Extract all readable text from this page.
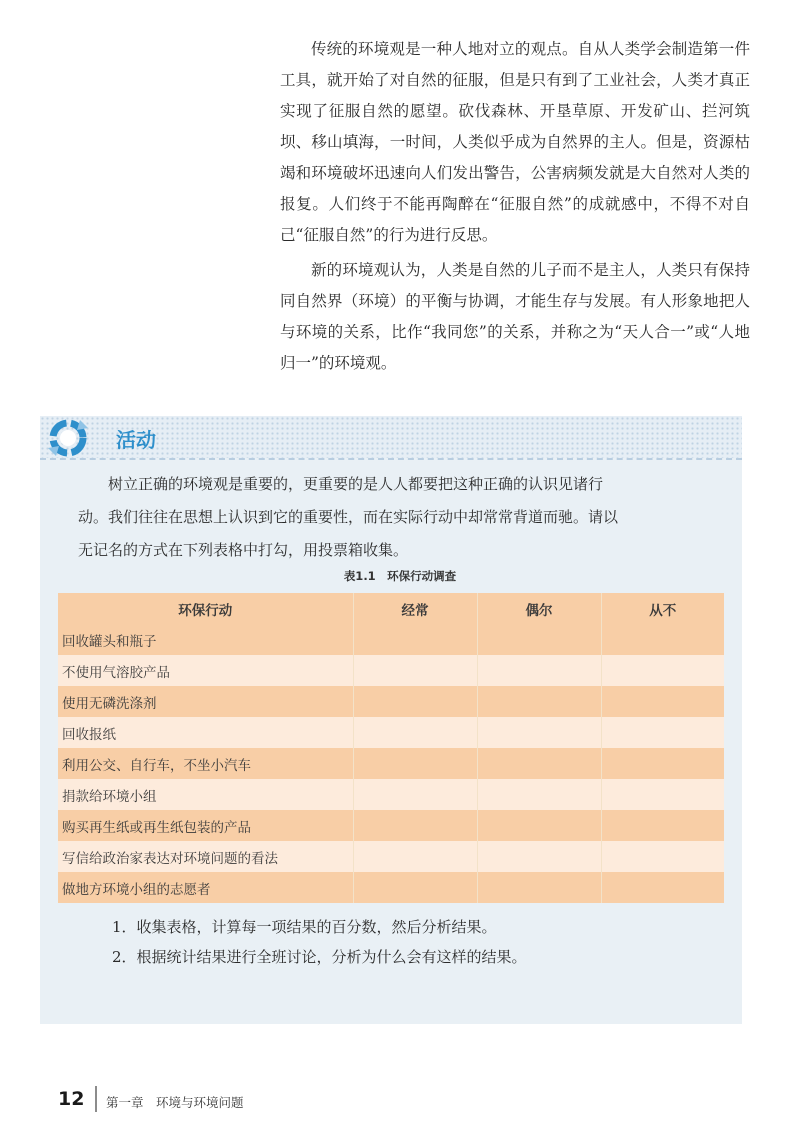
传统的环境观是一种人地对立的观点。自从人类学会制造第一件工具，就开始了对自然的征服，但是只有到了工业社会，人类才真正实现了征服自然的愿望。砍伐森林、开垦草原、开发矿山、拦河筑坝、移山填海，一时间，人类似乎成为自然界的主人。但是，资源枯竭和环境破坏迅速向人们发出警告，公害病频发就是大自然对人类的报复。人们终于不能再陶醉在“征服自然”的成就感中，不得不对自己“征服自然”的行为进行反思。

新的环境观认为，人类是自然的儿子而不是主人，人类只有保持同自然界（环境）的平衡与协调，才能生存与发展。有人形象地把人与环境的关系，比作“我同您”的关系，并称之为“天人合一”或“人地归一”的环境观。

活动
树立正确的环境观是重要的，更重要的是人人都要把这种正确的认识见诸行
动。我们往往在思想上认识到它的重要性，而在实际行动中却常常背道而驰。请以
无记名的方式在下列表格中打勾，用投票箱收集。
表1.1　环保行动调查
环保行动	经常	偶尔	从不
回收罐头和瓶子			
不使用气溶胶产品			
使用无磷洗涤剂			
回收报纸			
利用公交、自行车，不坐小汽车			
捐款给环境小组			
购买再生纸或再生纸包装的产品			
写信给政治家表达对环境问题的看法			
做地方环境小组的志愿者			
1．收集表格，计算每一项结果的百分数，然后分析结果。
2．根据统计结果进行全班讨论，分析为什么会有这样的结果。
12 第一章　环境与环境问题
